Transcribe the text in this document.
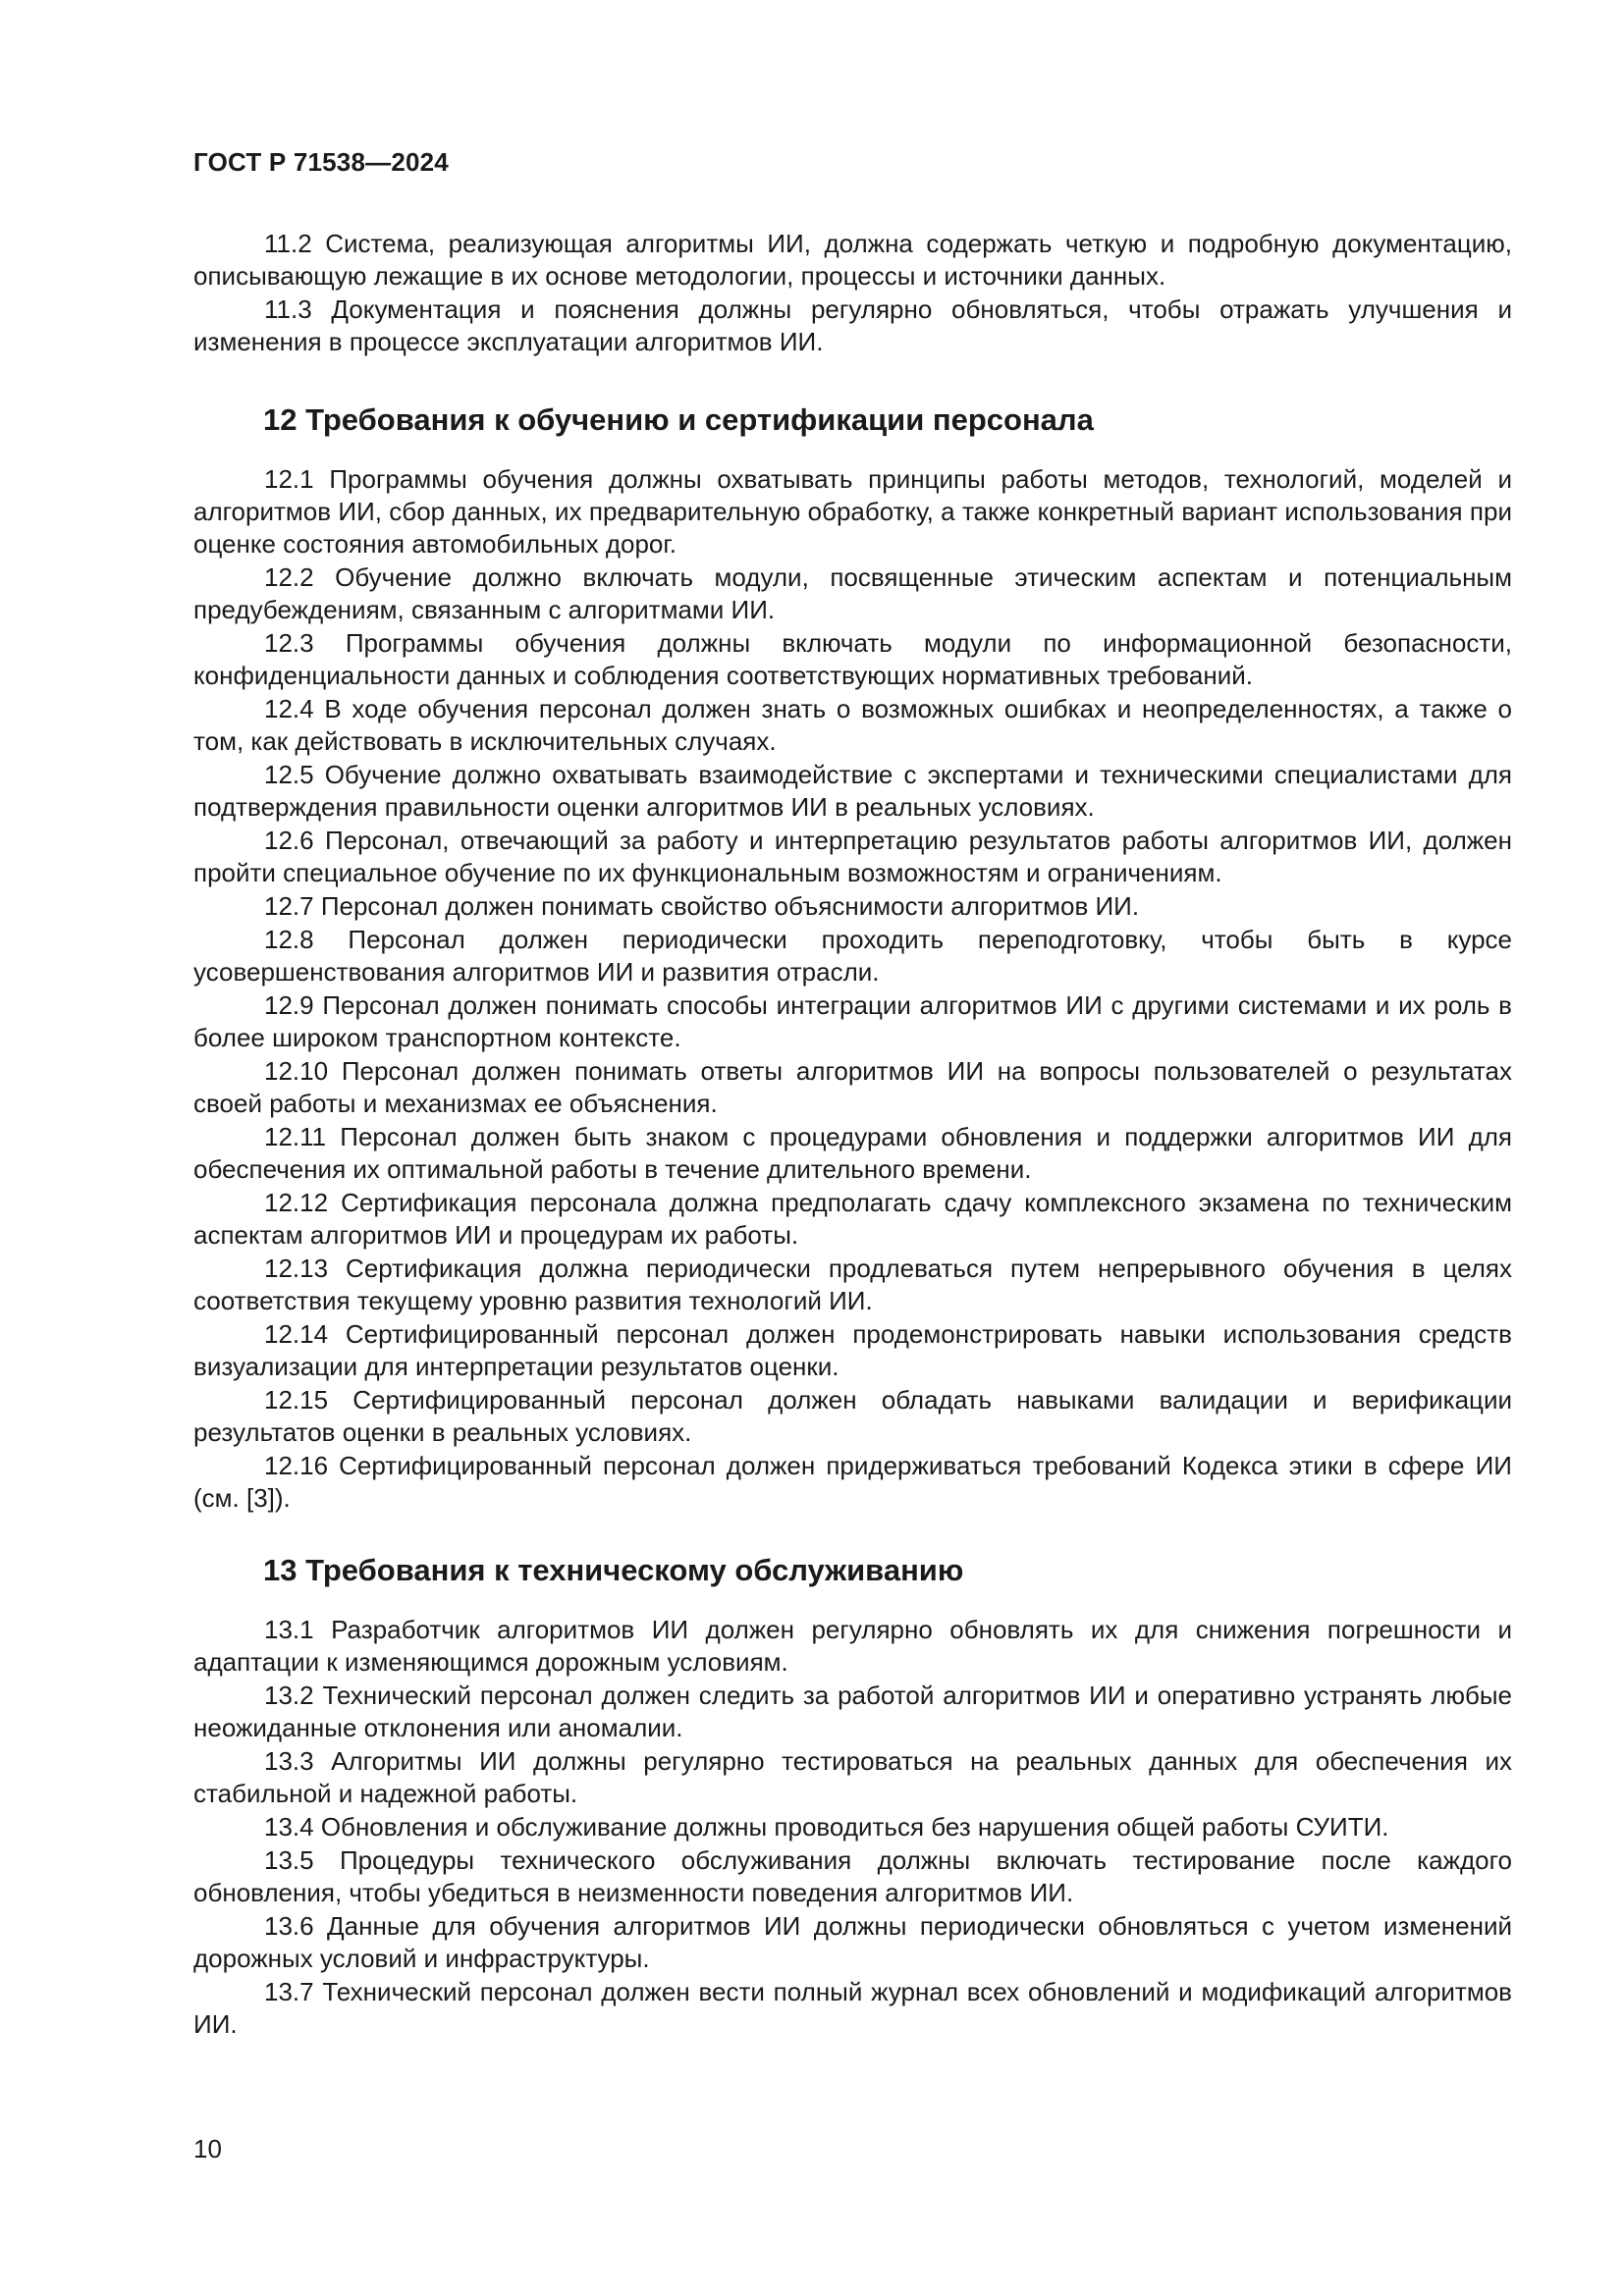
ГОСТ Р 71538—2024

11.2 Система, реализующая алгоритмы ИИ, должна содержать четкую и подробную документацию, описывающую лежащие в их основе методологии, процессы и источники данных.

11.3 Документация и пояснения должны регулярно обновляться, чтобы отражать улучшения и изменения в процессе эксплуатации алгоритмов ИИ.

12 Требования к обучению и сертификации персонала

12.1 Программы обучения должны охватывать принципы работы методов, технологий, моделей и алгоритмов ИИ, сбор данных, их предварительную обработку, а также конкретный вариант использования при оценке состояния автомобильных дорог.

12.2 Обучение должно включать модули, посвященные этическим аспектам и потенциальным предубеждениям, связанным с алгоритмами ИИ.

12.3 Программы обучения должны включать модули по информационной безопасности, конфиденциальности данных и соблюдения соответствующих нормативных требований.

12.4 В ходе обучения персонал должен знать о возможных ошибках и неопределенностях, а также о том, как действовать в исключительных случаях.

12.5 Обучение должно охватывать взаимодействие с экспертами и техническими специалистами для подтверждения правильности оценки алгоритмов ИИ в реальных условиях.

12.6 Персонал, отвечающий за работу и интерпретацию результатов работы алгоритмов ИИ, должен пройти специальное обучение по их функциональным возможностям и ограничениям.

12.7 Персонал должен понимать свойство объяснимости алгоритмов ИИ.

12.8 Персонал должен периодически проходить переподготовку, чтобы быть в курсе усовершенствования алгоритмов ИИ и развития отрасли.

12.9 Персонал должен понимать способы интеграции алгоритмов ИИ с другими системами и их роль в более широком транспортном контексте.

12.10 Персонал должен понимать ответы алгоритмов ИИ на вопросы пользователей о результатах своей работы и механизмах ее объяснения.

12.11 Персонал должен быть знаком с процедурами обновления и поддержки алгоритмов ИИ для обеспечения их оптимальной работы в течение длительного времени.

12.12 Сертификация персонала должна предполагать сдачу комплексного экзамена по техническим аспектам алгоритмов ИИ и процедурам их работы.

12.13 Сертификация должна периодически продлеваться путем непрерывного обучения в целях соответствия текущему уровню развития технологий ИИ.

12.14 Сертифицированный персонал должен продемонстрировать навыки использования средств визуализации для интерпретации результатов оценки.

12.15 Сертифицированный персонал должен обладать навыками валидации и верификации результатов оценки в реальных условиях.

12.16 Сертифицированный персонал должен придерживаться требований Кодекса этики в сфере ИИ (см. [3]).

13 Требования к техническому обслуживанию

13.1 Разработчик алгоритмов ИИ должен регулярно обновлять их для снижения погрешности и адаптации к изменяющимся дорожным условиям.

13.2 Технический персонал должен следить за работой алгоритмов ИИ и оперативно устранять любые неожиданные отклонения или аномалии.

13.3 Алгоритмы ИИ должны регулярно тестироваться на реальных данных для обеспечения их стабильной и надежной работы.

13.4 Обновления и обслуживание должны проводиться без нарушения общей работы СУИТИ.

13.5 Процедуры технического обслуживания должны включать тестирование после каждого обновления, чтобы убедиться в неизменности поведения алгоритмов ИИ.

13.6 Данные для обучения алгоритмов ИИ должны периодически обновляться с учетом изменений дорожных условий и инфраструктуры.

13.7 Технический персонал должен вести полный журнал всех обновлений и модификаций алгоритмов ИИ.

10
